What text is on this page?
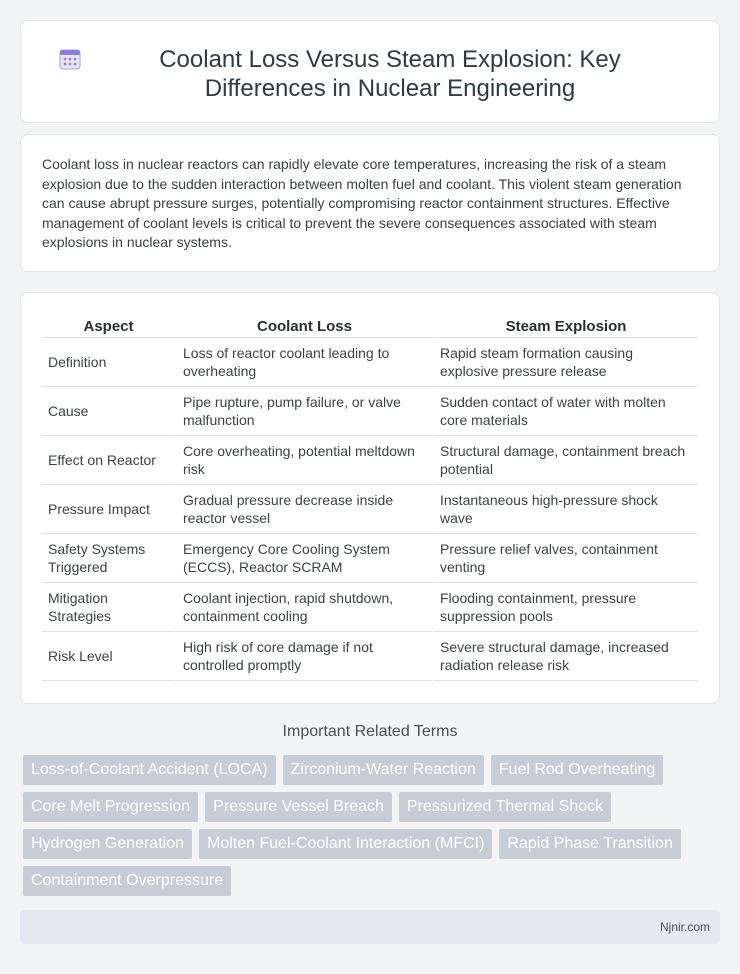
Coolant Loss Versus Steam Explosion: Key Differences in Nuclear Engineering

Coolant loss in nuclear reactors can rapidly elevate core temperatures, increasing the risk of a steam explosion due to the sudden interaction between molten fuel and coolant. This violent steam generation can cause abrupt pressure surges, potentially compromising reactor containment structures. Effective management of coolant levels is critical to prevent the severe consequences associated with steam explosions in nuclear systems.

Aspect	Coolant Loss	Steam Explosion
Definition	Loss of reactor coolant leading to overheating	Rapid steam formation causing explosive pressure release
Cause	Pipe rupture, pump failure, or valve malfunction	Sudden contact of water with molten core materials
Effect on Reactor	Core overheating, potential meltdown risk	Structural damage, containment breach potential
Pressure Impact	Gradual pressure decrease inside reactor vessel	Instantaneous high-pressure shock wave
Safety Systems Triggered	Emergency Core Cooling System (ECCS), Reactor SCRAM	Pressure relief valves, containment venting
Mitigation Strategies	Coolant injection, rapid shutdown, containment cooling	Flooding containment, pressure suppression pools
Risk Level	High risk of core damage if not controlled promptly	Severe structural damage, increased radiation release risk
Important Related Terms
Loss-of-Coolant Accident (LOCA)	Zirconium-Water Reaction	Fuel Rod Overheating
Core Melt Progression	Pressure Vessel Breach	Pressurized Thermal Shock
Hydrogen Generation	Molten Fuel-Coolant Interaction (MFCI)	Rapid Phase Transition
Containment Overpressure
Njnir.com
